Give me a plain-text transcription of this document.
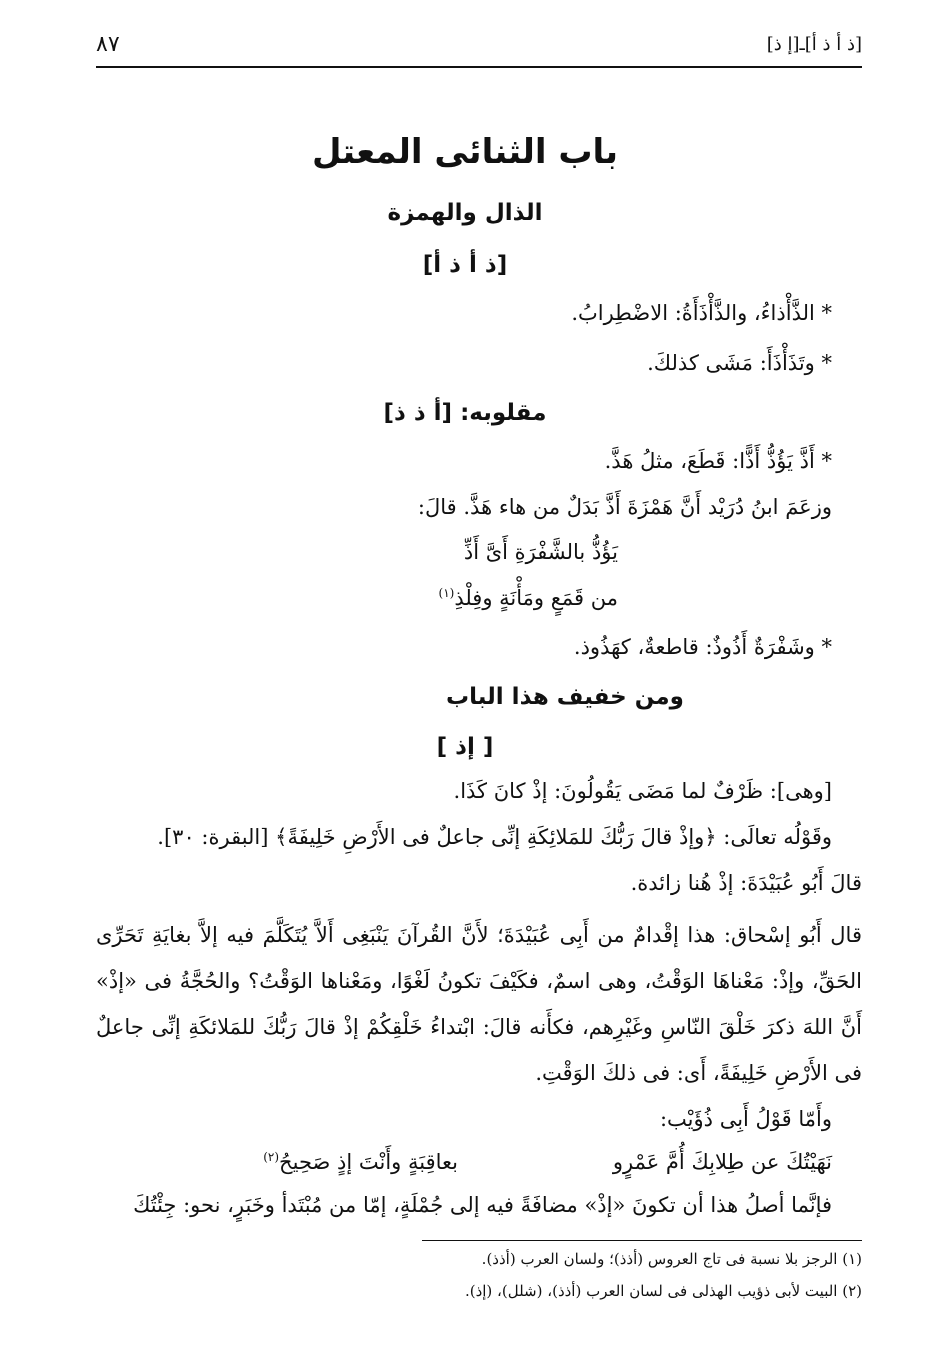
٨٧	[ذ أ ذ أ]ـ[إ ذ]
باب الثنائى المعتل
الذال والهمزة
[ذ أ ذ أ]
* الذَّأْذاءُ، والذَّأْذَأَةُ: الاضْطِرابُ.
* وتَذَأْذَأَ: مَشَى كذلكَ.
مقلوبه: [أ ذ ذ]
* أَذَّ يَؤُذُّ أَذًّا: قَطَعَ، مثلُ هَذَّ.
وزعَمَ ابنُ دُرَيْد أَنَّ هَمْزَةَ أَذَّ بَدَلٌ من هاء هَذَّ. قالَ:
يَؤُذُّ بالشَّفْرَةِ أَىَّ أَذِّ
من قَمَعٍ ومَأْنَةٍ وفِلْذِ$^{(١)}$
* وشَفْرَةٌ أَذُوذٌ: قاطعةٌ، كهَذُوذ.
ومن خفيف هذا الباب
[ إذ ]
[وهى]: ظَرْفٌ لما مَضَى يَقُولُونَ: إذْ كانَ كَذَا.
وقَوْلُه تعالَى: ﴿وإذْ قالَ رَبُّكَ للمَلائِكَةِ إنِّى جاعلٌ فى الأَرْضِ خَلِيفَةً﴾ [البقرة: ٣٠].
قالَ أَبُو عُبَيْدَةَ: إذْ هُنا زائدة.
قال أَبُو إسْحاق: هذا إقْدامٌ من أَبِى عُبَيْدَةَ؛ لأَنَّ القُرآنَ يَنْبَغِى أَلاَّ يُتَكَلَّمَ فيه إلاَّ بغايَةِ تَحَرِّى الحَقِّ، وإذْ: مَعْناهَا الوَقْتُ، وهى اسمٌ، فكَيْفَ تكونُ لَغْوًا، ومَعْناها الوَقْتُ؟ والحُجَّةُ فى «إذْ» أَنَّ اللهَ ذكرَ خَلْقَ النّاسِ وغَيْرِهم، فكأَنه قالَ: ابْتداءُ خَلْقِكُمْ إذْ قالَ رَبُّكَ للمَلائكَةِ إنِّى جاعلٌ فى الأَرْضِ خَلِيفَةً، أَى: فى ذلكَ الوَقْتِ.
وأَمّا قَوْلُ أَبِى ذُؤَيْب:
نَهَيْتُكَ عن طِلابِكَ أُمَّ عَمْرٍو
بعاقِبَةٍ وأَنْتَ إذٍ صَحِيحُ$^{(٢)}$
فإنَّما أصلُ هذا أن تكونَ «إذْ» مضافَةً فيه إلى جُمْلَةٍ، إمّا من مُبْتَدأ وخَبَرٍ، نحو: جِئْتُكَ
(١) الرجز بلا نسبة فى تاج العروس (أذذ)؛ ولسان العرب (أذذ).
(٢) البيت لأبى ذؤيب الهذلى فى لسان العرب (أذذ)، (شلل)، (إذ).
